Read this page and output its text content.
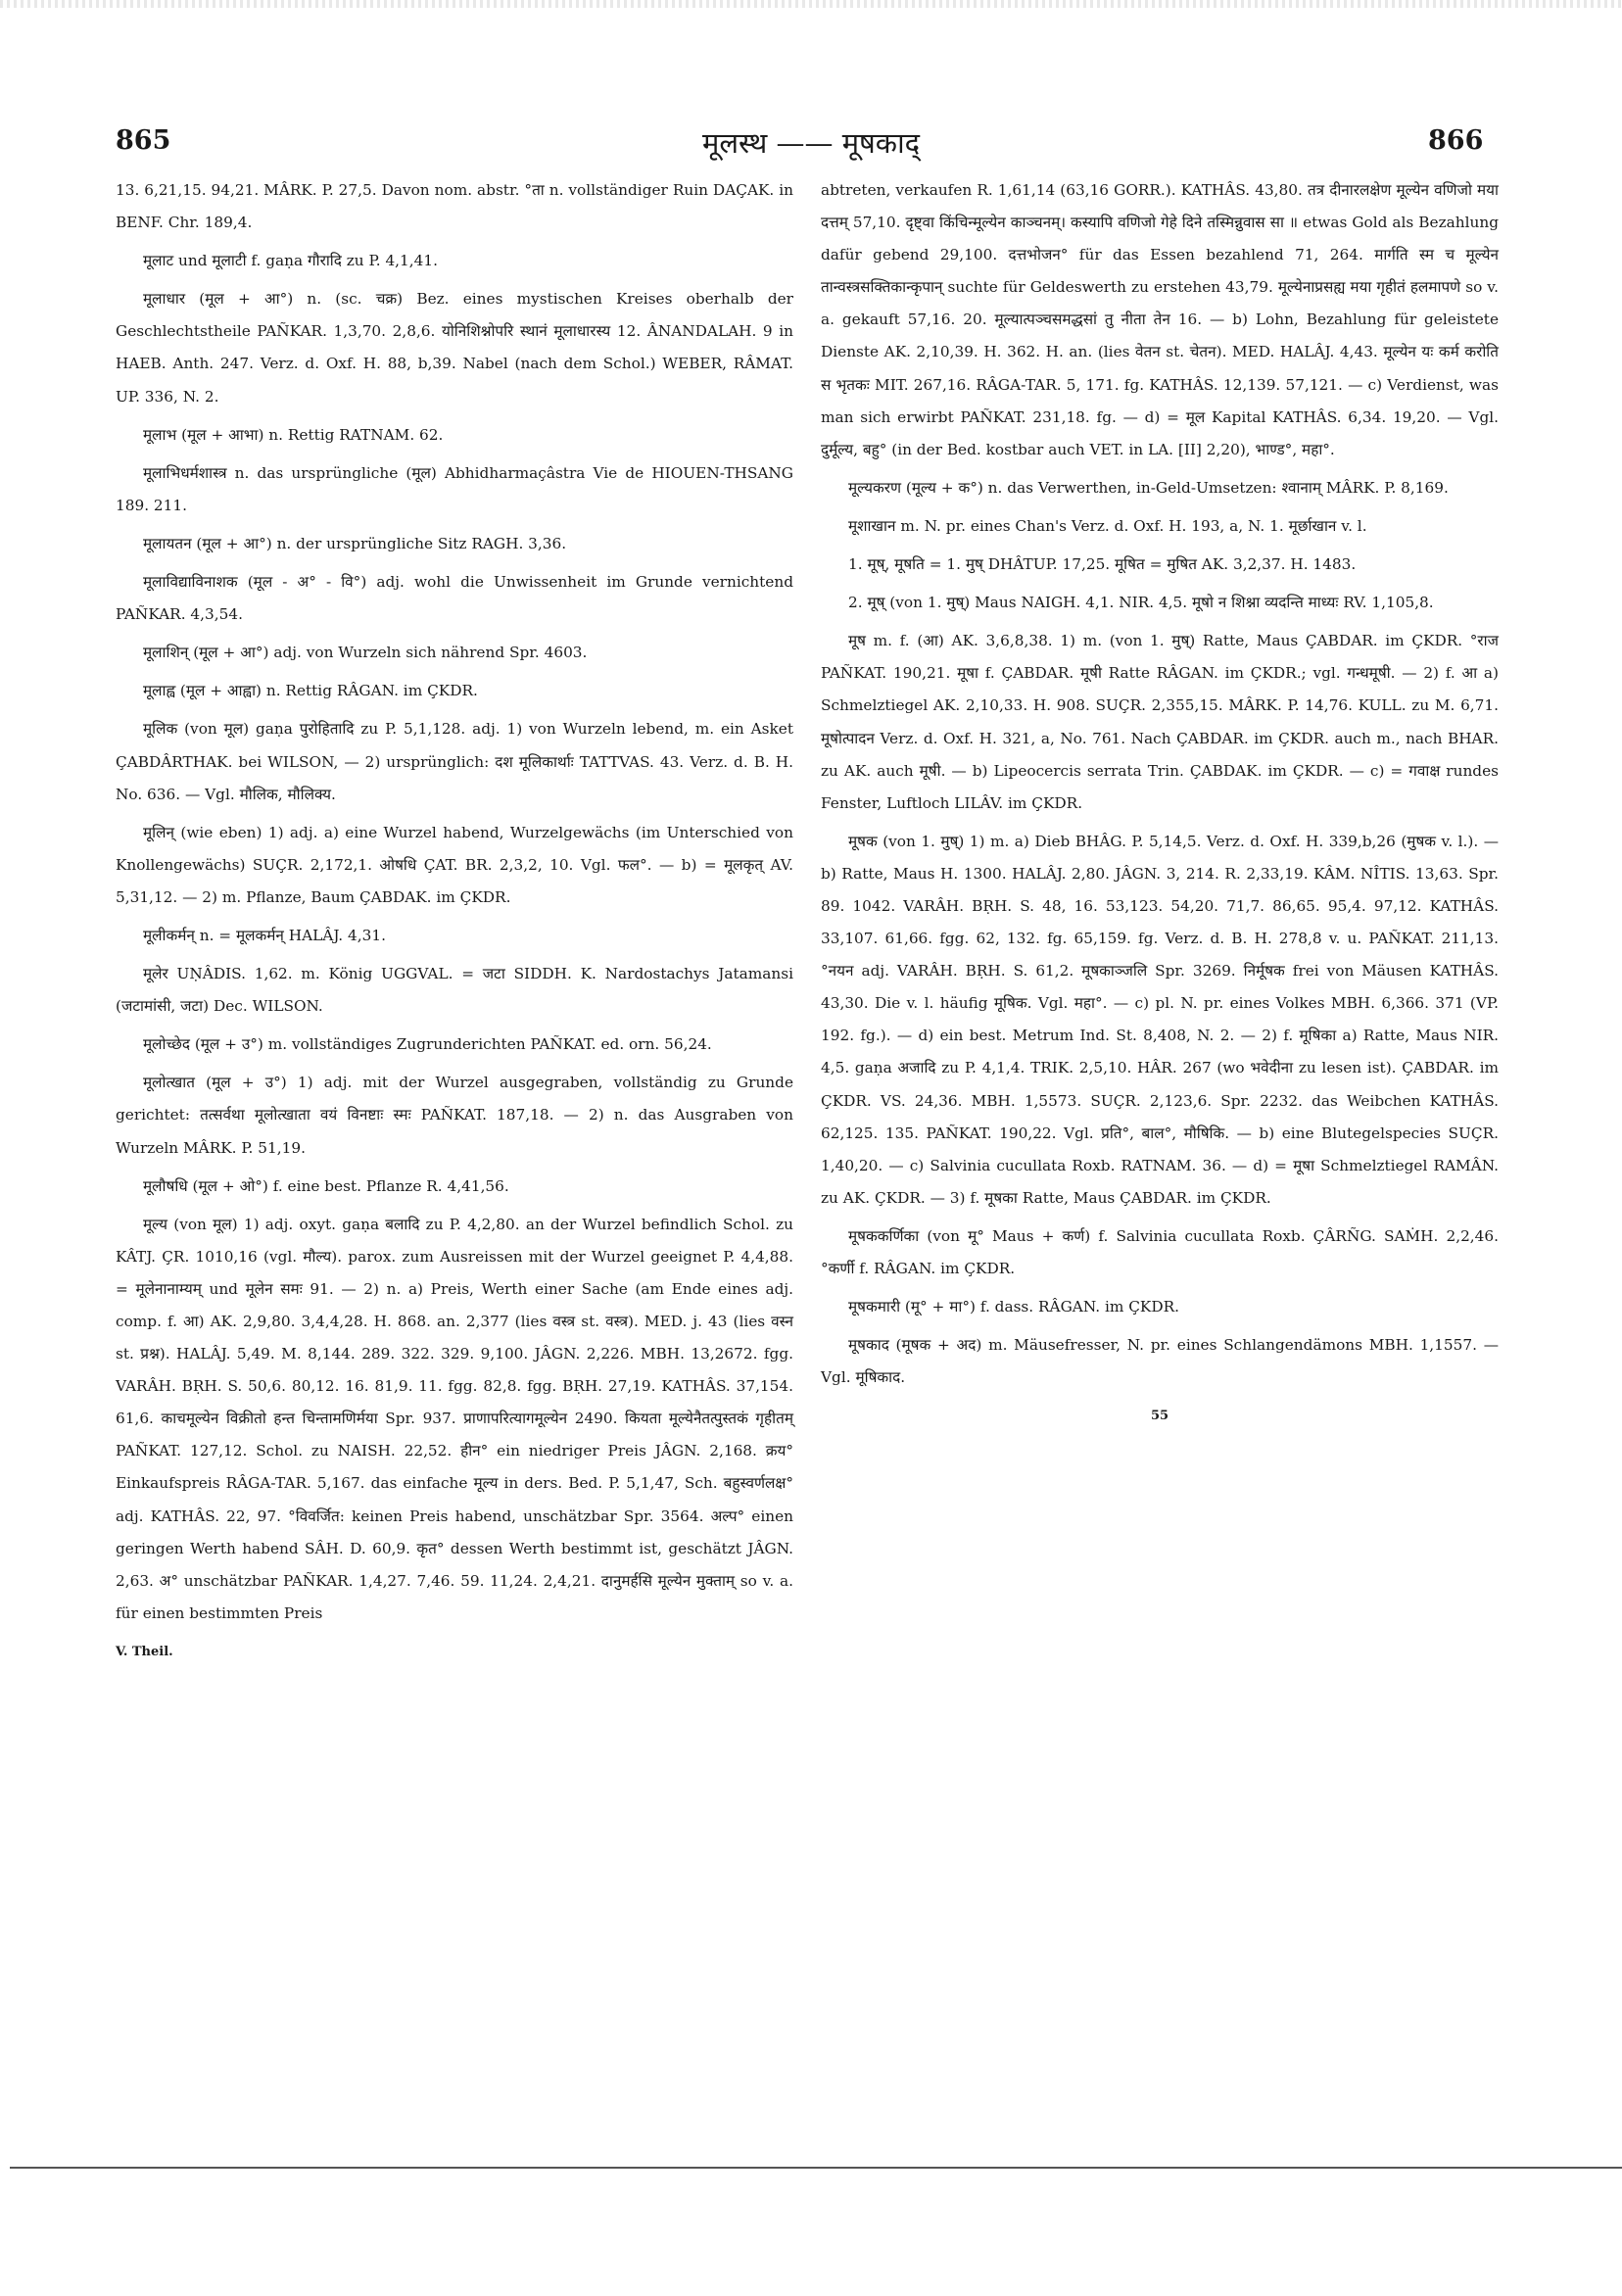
865	मूलस्थ —— मूषकाद्	866

13. 6,21,15. 94,21. MÂRK. P. 27,5. Davon nom. abstr. °ता n. vollständiger Ruin DAÇAK. in BENF. Chr. 189,4.

मूलाट und मूलाटी f. gaṇa गौरादि zu P. 4,1,41.

मूलाधार (मूल + आ°) n. (sc. चक्र) Bez. eines mystischen Kreises oberhalb der Geschlechtstheile PAÑKAR. 1,3,70. 2,8,6. योनिशिश्नोपरि स्थानं मूलाधारस्य 12. ÂNANDALAH. 9 in HAEB. Anth. 247. Verz. d. Oxf. H. 88, b,39. Nabel (nach dem Schol.) WEBER, RÂMAT. UP. 336, N. 2.

मूलाभ (मूल + आभा) n. Rettig RATNAM. 62.

मूलाभिधर्मशास्त्र n. das ursprüngliche (मूल) Abhidharmaçâstra Vie de HIOUEN-THSANG 189. 211.

मूलायतन (मूल + आ°) n. der ursprüngliche Sitz RAGH. 3,36.

मूलाविद्याविनाशक (मूल - अ° - वि°) adj. wohl die Unwissenheit im Grunde vernichtend PAÑKAR. 4,3,54.

मूलाशिन् (मूल + आ°) adj. von Wurzeln sich nährend Spr. 4603.

मूलाह्व (मूल + आह्वा) n. Rettig RÂGAN. im ÇKDR.

मूलिक (von मूल) gaṇa पुरोहितादि zu P. 5,1,128. adj. 1) von Wurzeln lebend, m. ein Asket ÇABDÂRTHAK. bei WILSON, — 2) ursprünglich: दश मूलिकार्थाः TATTVAS. 43. Verz. d. B. H. No. 636. — Vgl. मौलिक, मौलिक्य.

मूलिन् (wie eben) 1) adj. a) eine Wurzel habend, Wurzelgewächs (im Unterschied von Knollengewächs) SUÇR. 2,172,1. ओषधि ÇAT. BR. 2,3,2, 10. Vgl. फल°. — b) = मूलकृत् AV. 5,31,12. — 2) m. Pflanze, Baum ÇABDAK. im ÇKDR.

मूलीकर्मन् n. = मूलकर्मन् HALÂJ. 4,31.

मूलेर UṆÂDIS. 1,62. m. König UGGVAL. = जटा SIDDH. K. Nardostachys Jatamansi (जटामांसी, जटा) Dec. WILSON.

मूलोच्छेद (मूल + उ°) m. vollständiges Zugrunderichten PAÑKAT. ed. orn. 56,24.

मूलोत्खात (मूल + उ°) 1) adj. mit der Wurzel ausgegraben, vollständig zu Grunde gerichtet: तत्सर्वथा मूलोत्खाता वयं विनष्टाः स्मः PAÑKAT. 187,18. — 2) n. das Ausgraben von Wurzeln MÂRK. P. 51,19.

मूलौषधि (मूल + ओ°) f. eine best. Pflanze R. 4,41,56.

मूल्य (von मूल) 1) adj. oxyt. gaṇa बलादि zu P. 4,2,80. an der Wurzel befindlich Schol. zu KÂTJ. ÇR. 1010,16 (vgl. मौल्य). parox. zum Ausreissen mit der Wurzel geeignet P. 4,4,88. = मूलेनानाम्यम् und मूलेन समः 91. — 2) n. a) Preis, Werth einer Sache (am Ende eines adj. comp. f. आ) AK. 2,9,80. 3,4,4,28. H. 868. an. 2,377 (lies वस्त्र st. वस्त्र). MED. j. 43 (lies वस्न st. प्रश्न). HALÂJ. 5,49. M. 8,144. 289. 322. 329. 9,100. JÂGN. 2,226. MBH. 13,2672. fgg. VARÂH. BṚH. S. 50,6. 80,12. 16. 81,9. 11. fgg. 82,8. fgg. BṚH. 27,19. KATHÂS. 37,154. 61,6. काचमूल्येन विक्रीतो हन्त चिन्तामणिर्मया Spr. 937. प्राणापरित्यागमूल्येन 2490. कियता मूल्येनैतत्पुस्तकं गृहीतम् PAÑKAT. 127,12. Schol. zu NAISH. 22,52. हीन° ein niedriger Preis JÂGN. 2,168. क्रय° Einkaufspreis RÂGA-TAR. 5,167. das einfache मूल्य in ders. Bed. P. 5,1,47, Sch. बहुस्वर्णलक्ष° adj. KATHÂS. 22, 97. °विवर्जित: keinen Preis habend, unschätzbar Spr. 3564. अल्प° einen geringen Werth habend SÂH. D. 60,9. कृत° dessen Werth bestimmt ist, geschätzt JÂGN. 2,63. अ° unschätzbar PAÑKAR. 1,4,27. 7,46. 59. 11,24. 2,4,21. दानुमर्हसि मूल्येन मुक्ताम् so v. a. für einen bestimmten Preis

V. Theil.

abtreten, verkaufen R. 1,61,14 (63,16 GORR.). KATHÂS. 43,80. तत्र दीनारलक्षेण मूल्येन वणिजो मया दत्तम् 57,10. दृष्ट्वा किंचिन्मूल्येन काञ्चनम्। कस्यापि वणिजो गेहे दिने तस्मिन्नुवास सा ॥ etwas Gold als Bezahlung dafür gebend 29,100. दत्तभोजन° für das Essen bezahlend 71, 264. मार्गति स्म च मूल्येन तान्वस्त्रसक्तिकान्कृपान् suchte für Geldeswerth zu erstehen 43,79. मूल्येनाप्रसह्य मया गृहीतं हलमापणे so v. a. gekauft 57,16. 20. मूल्यात्पञ्चसमद्धसां तु नीता तेन 16. — b) Lohn, Bezahlung für geleistete Dienste AK. 2,10,39. H. 362. H. an. (lies वेतन st. चेतन). MED. HALÂJ. 4,43. मूल्येन यः कर्म करोति स भृतकः MIT. 267,16. RÂGA-TAR. 5, 171. fg. KATHÂS. 12,139. 57,121. — c) Verdienst, was man sich erwirbt PAÑKAT. 231,18. fg. — d) = मूल Kapital KATHÂS. 6,34. 19,20. — Vgl. दुर्मूल्य, बहु° (in der Bed. kostbar auch VET. in LA. [II] 2,20), भाण्ड°, महा°.

मूल्यकरण (मूल्य + क°) n. das Verwerthen, in-Geld-Umsetzen: श्वानाम् MÂRK. P. 8,169.

मूशाखान m. N. pr. eines Chan's Verz. d. Oxf. H. 193, a, N. 1. मूर्छाखान v. l.

1. मूष्, मूषति = 1. मुष् DHÂTUP. 17,25. मूषित = मुषित AK. 3,2,37. H. 1483.

2. मूष् (von 1. मुष्) Maus NAIGH. 4,1. NIR. 4,5. मूषो न शिश्ना व्यदन्ति माध्यः RV. 1,105,8.

मूष m. f. (आ) AK. 3,6,8,38. 1) m. (von 1. मुष्) Ratte, Maus ÇABDAR. im ÇKDR. °राज PAÑKAT. 190,21. मूषा f. ÇABDAR. मूषी Ratte RÂGAN. im ÇKDR.; vgl. गन्धमूषी. — 2) f. आ a) Schmelztiegel AK. 2,10,33. H. 908. SUÇR. 2,355,15. MÂRK. P. 14,76. KULL. zu M. 6,71. मूषोत्पादन Verz. d. Oxf. H. 321, a, No. 761. Nach ÇABDAR. im ÇKDR. auch m., nach BHAR. zu AK. auch मूषी. — b) Lipeocercis serrata Trin. ÇABDAK. im ÇKDR. — c) = गवाक्ष rundes Fenster, Luftloch LILÂV. im ÇKDR.

मूषक (von 1. मुष्) 1) m. a) Dieb BHÂG. P. 5,14,5. Verz. d. Oxf. H. 339,b,26 (मुषक v. l.). — b) Ratte, Maus H. 1300. HALÂJ. 2,80. JÂGN. 3, 214. R. 2,33,19. KÂM. NÎTIS. 13,63. Spr. 89. 1042. VARÂH. BṚH. S. 48, 16. 53,123. 54,20. 71,7. 86,65. 95,4. 97,12. KATHÂS. 33,107. 61,66. fgg. 62, 132. fg. 65,159. fg. Verz. d. B. H. 278,8 v. u. PAÑKAT. 211,13. °नयन adj. VARÂH. BṚH. S. 61,2. मूषकाञ्जलि Spr. 3269. निर्मूषक frei von Mäusen KATHÂS. 43,30. Die v. l. häufig मूषिक. Vgl. महा°. — c) pl. N. pr. eines Volkes MBH. 6,366. 371 (VP. 192. fg.). — d) ein best. Metrum Ind. St. 8,408, N. 2. — 2) f. मूषिका a) Ratte, Maus NIR. 4,5. gaṇa अजादि zu P. 4,1,4. TRIK. 2,5,10. HÂR. 267 (wo भवेदीना zu lesen ist). ÇABDAR. im ÇKDR. VS. 24,36. MBH. 1,5573. SUÇR. 2,123,6. Spr. 2232. das Weibchen KATHÂS. 62,125. 135. PAÑKAT. 190,22. Vgl. प्रति°, बाल°, मौषिकि. — b) eine Blutegelspecies SUÇR. 1,40,20. — c) Salvinia cucullata Roxb. RATNAM. 36. — d) = मूषा Schmelztiegel RAMÂN. zu AK. ÇKDR. — 3) f. मूषका Ratte, Maus ÇABDAR. im ÇKDR.

मूषककर्णिका (von मू° Maus + कर्ण) f. Salvinia cucullata Roxb. ÇÂRÑG. SAṀH. 2,2,46. °कर्णी f. RÂGAN. im ÇKDR.

मूषकमारी (मू° + मा°) f. dass. RÂGAN. im ÇKDR.

मूषकाद (मूषक + अद) m. Mäusefresser, N. pr. eines Schlangendämons MBH. 1,1557. — Vgl. मूषिकाद.

55
